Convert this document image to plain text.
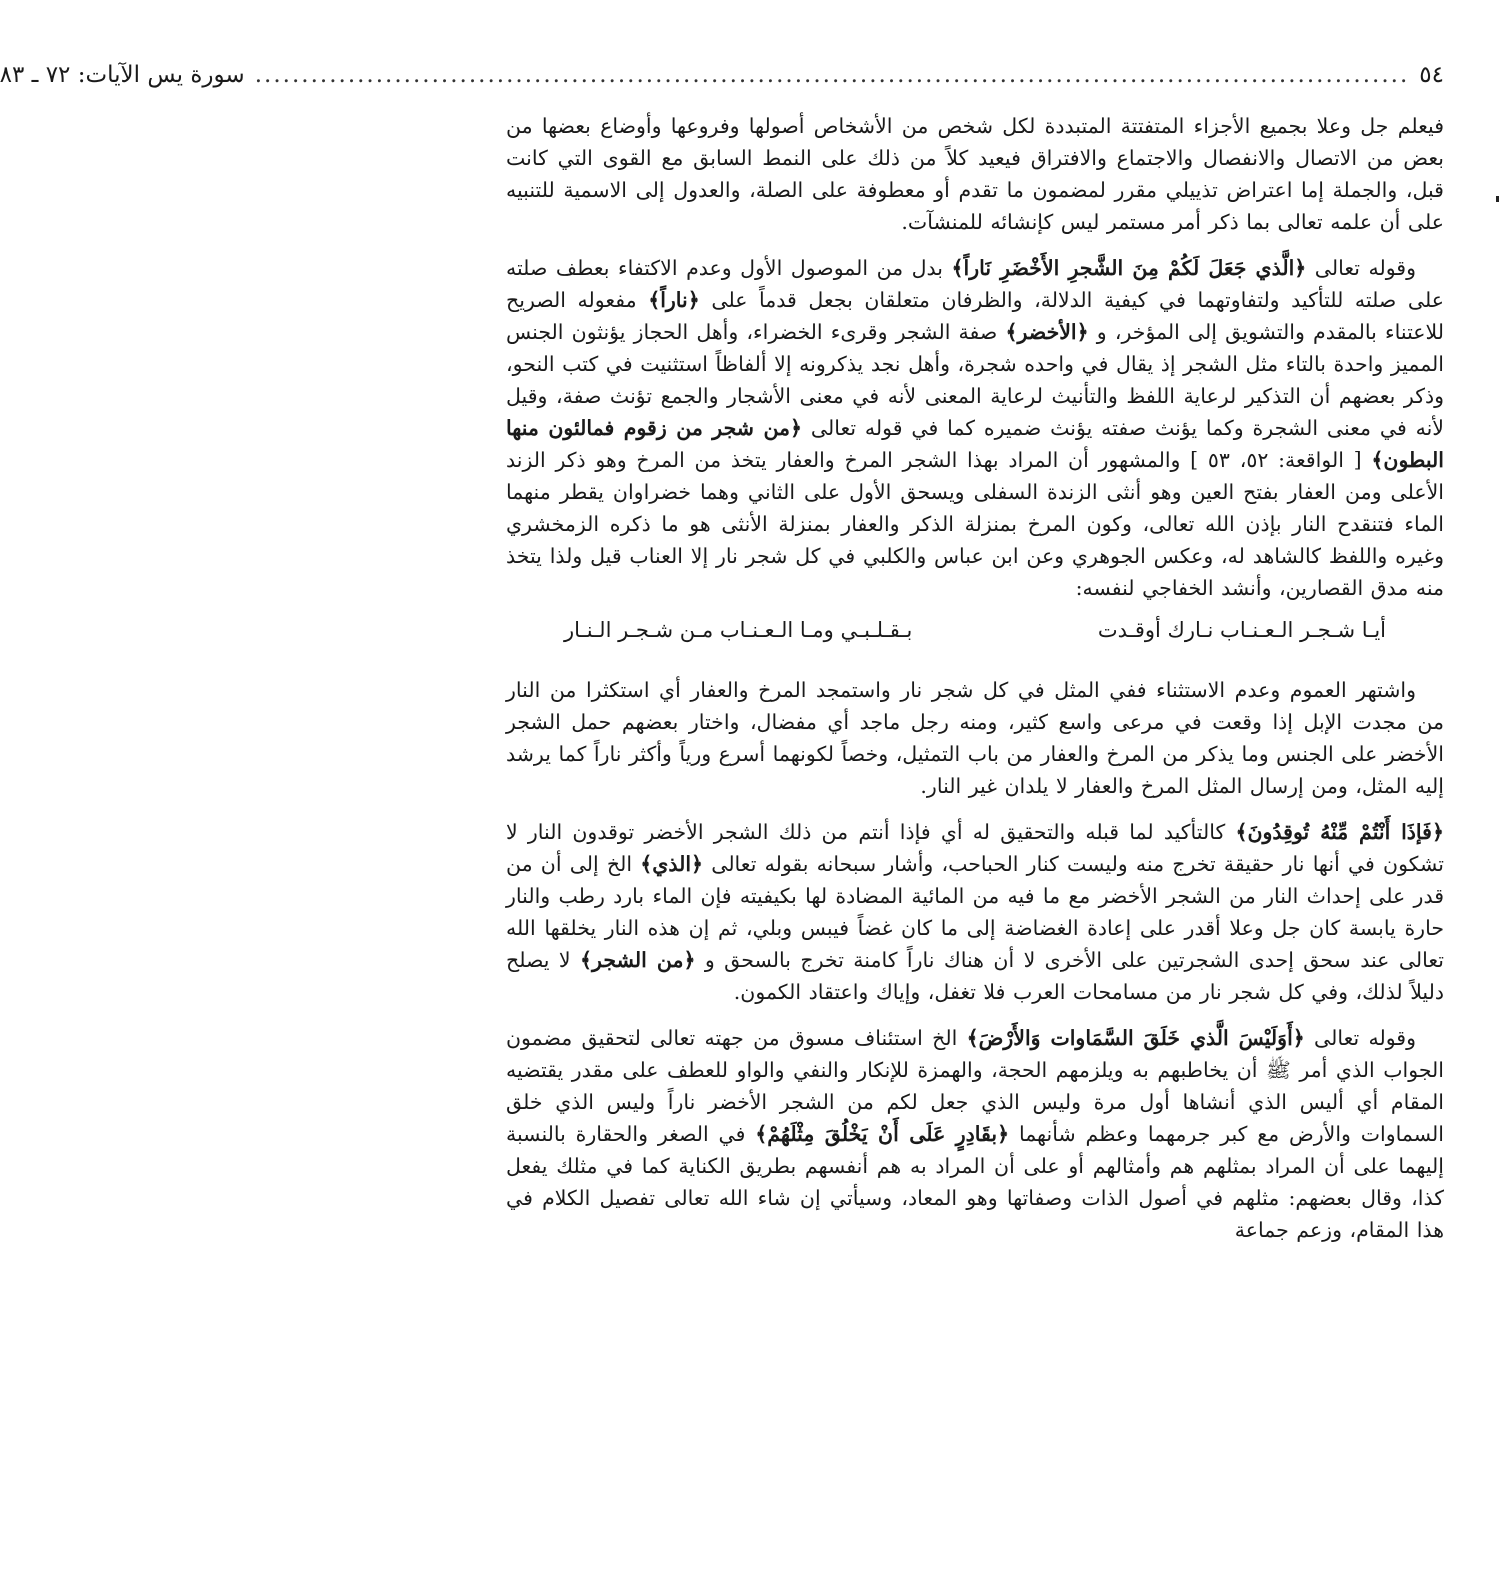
٥٤
............................................................................................................................
سورة يس الآيات: ٧٢ ـ ٨٣

فيعلم جل وعلا بجميع الأجزاء المتفتتة المتبددة لكل شخص من الأشخاص أصولها وفروعها وأوضاع بعضها من بعض من الاتصال والانفصال والاجتماع والافتراق فيعيد كلاً من ذلك على النمط السابق مع القوى التي كانت قبل، والجملة إما اعتراض تذييلي مقرر لمضمون ما تقدم أو معطوفة على الصلة، والعدول إلى الاسمية للتنبيه على أن علمه تعالى بما ذكر أمر مستمر ليس كإنشائه للمنشآت.

وقوله تعالى ﴿الَّذي جَعَلَ لَكُمْ مِنَ الشَّجرِ الأَخْضَرِ نَاراً﴾ بدل من الموصول الأول وعدم الاكتفاء بعطف صلته على صلته للتأكيد ولتفاوتهما في كيفية الدلالة، والظرفان متعلقان بجعل قدماً على ﴿ناراً﴾ مفعوله الصريح للاعتناء بالمقدم والتشويق إلى المؤخر، و ﴿الأخضر﴾ صفة الشجر وقرىء الخضراء، وأهل الحجاز يؤنثون الجنس المميز واحدة بالتاء مثل الشجر إذ يقال في واحده شجرة، وأهل نجد يذكرونه إلا ألفاظاً استثنيت في كتب النحو، وذكر بعضهم أن التذكير لرعاية اللفظ والتأنيث لرعاية المعنى لأنه في معنى الأشجار والجمع تؤنث صفة، وقيل لأنه في معنى الشجرة وكما يؤنث صفته يؤنث ضميره كما في قوله تعالى ﴿من شجر من زقوم فمالئون منها البطون﴾ [ الواقعة: ٥٢، ٥٣ ] والمشهور أن المراد بهذا الشجر المرخ والعفار يتخذ من المرخ وهو ذكر الزند الأعلى ومن العفار بفتح العين وهو أنثى الزندة السفلى ويسحق الأول على الثاني وهما خضراوان يقطر منهما الماء فتنقدح النار بإذن الله تعالى، وكون المرخ بمنزلة الذكر والعفار بمنزلة الأنثى هو ما ذكره الزمخشري وغيره واللفظ كالشاهد له، وعكس الجوهري وعن ابن عباس والكلبي في كل شجر نار إلا العناب قيل ولذا يتخذ منه مدق القصارين، وأنشد الخفاجي لنفسه:

أيـا شـجـر الـعـنـاب نـارك أوقـدت
بـقـلـبـي ومـا الـعـنـاب مـن شـجـر الـنـار

واشتهر العموم وعدم الاستثناء ففي المثل في كل شجر نار واستمجد المرخ والعفار أي استكثرا من النار من مجدت الإبل إذا وقعت في مرعى واسع كثير، ومنه رجل ماجد أي مفضال، واختار بعضهم حمل الشجر الأخضر على الجنس وما يذكر من المرخ والعفار من باب التمثيل، وخصاً لكونهما أسرع ورياً وأكثر ناراً كما يرشد إليه المثل، ومن إرسال المثل المرخ والعفار لا يلدان غير النار.

﴿فَإذَا أَنْتُمْ مِّنْهُ تُوقِدُونَ﴾ كالتأكيد لما قبله والتحقيق له أي فإذا أنتم من ذلك الشجر الأخضر توقدون النار لا تشكون في أنها نار حقيقة تخرج منه وليست كنار الحباحب، وأشار سبحانه بقوله تعالى ﴿الذي﴾ الخ إلى أن من قدر على إحداث النار من الشجر الأخضر مع ما فيه من المائية المضادة لها بكيفيته فإن الماء بارد رطب والنار حارة يابسة كان جل وعلا أقدر على إعادة الغضاضة إلى ما كان غضاً فيبس وبلي، ثم إن هذه النار يخلقها الله تعالى عند سحق إحدى الشجرتين على الأخرى لا أن هناك ناراً كامنة تخرج بالسحق و ﴿من الشجر﴾ لا يصلح دليلاً لذلك، وفي كل شجر نار من مسامحات العرب فلا تغفل، وإياك واعتقاد الكمون.

وقوله تعالى ﴿أَوَلَيْسَ الَّذي خَلَقَ السَّمَاوات وَالأَرْضَ﴾ الخ استئناف مسوق من جهته تعالى لتحقيق مضمون الجواب الذي أمر ﷺ أن يخاطبهم به ويلزمهم الحجة، والهمزة للإنكار والنفي والواو للعطف على مقدر يقتضيه المقام أي أليس الذي أنشاها أول مرة وليس الذي جعل لكم من الشجر الأخضر ناراً وليس الذي خلق السماوات والأرض مع كبر جرمهما وعظم شأنهما ﴿بقَادِرٍ عَلَى أَنْ يَخْلُقَ مِثْلَهُمْ﴾ في الصغر والحقارة بالنسبة إليهما على أن المراد بمثلهم هم وأمثالهم أو على أن المراد به هم أنفسهم بطريق الكناية كما في مثلك يفعل كذا، وقال بعضهم: مثلهم في أصول الذات وصفاتها وهو المعاد، وسيأتي إن شاء الله تعالى تفصيل الكلام في هذا المقام، وزعم جماعة
